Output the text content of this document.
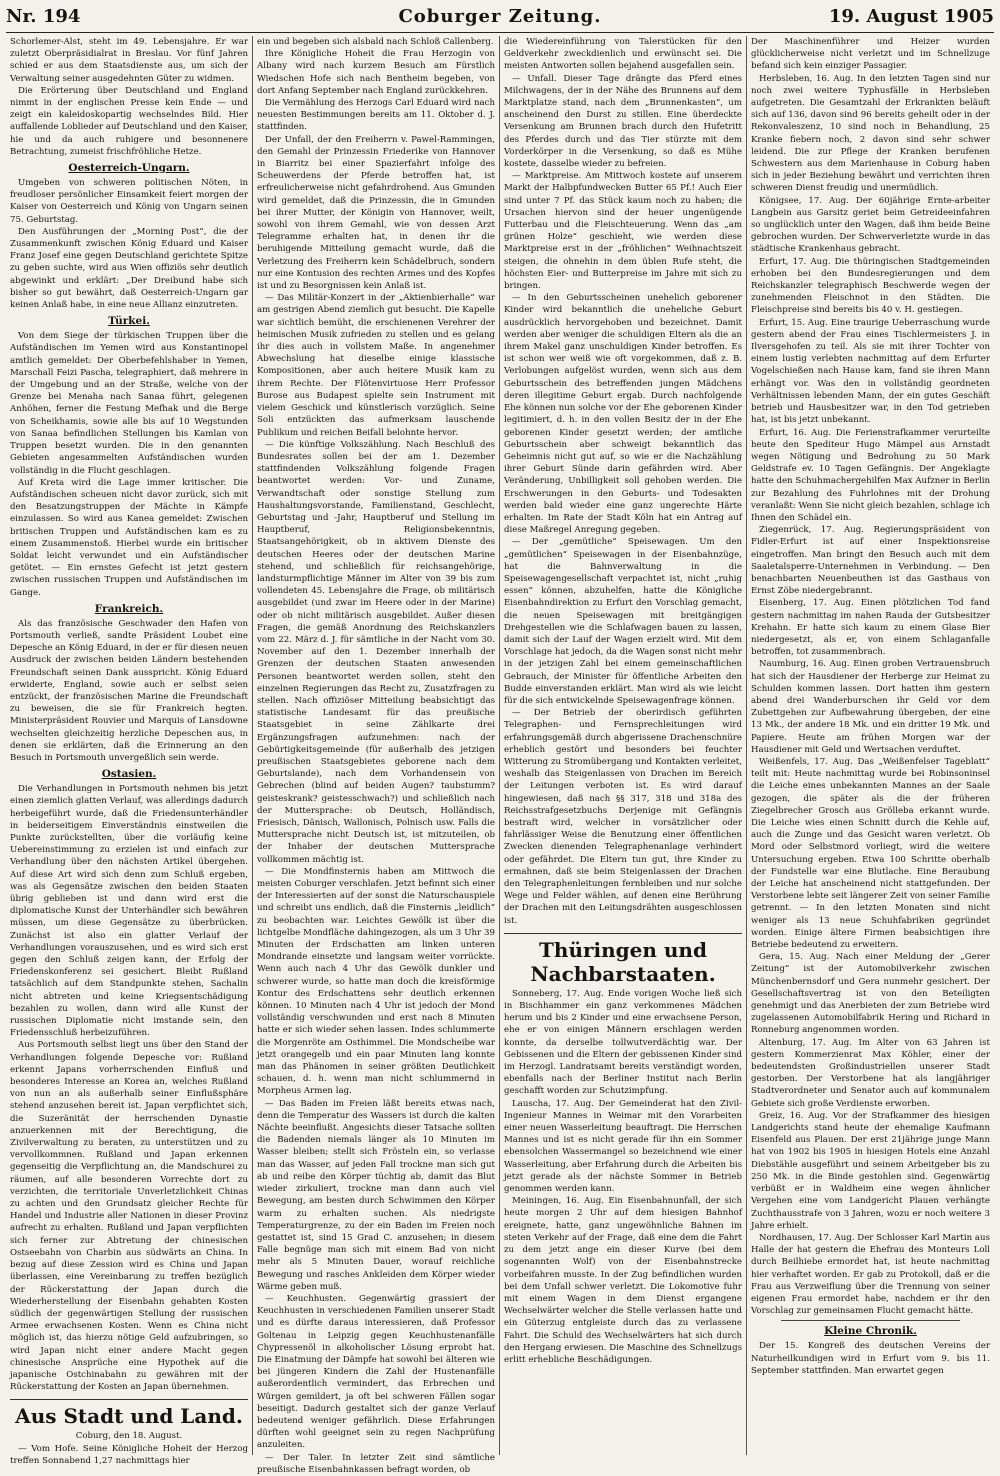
Nr. 194	Coburger Zeitung.	19. August 1905

Schorlemer-Alst, steht im 49. Lebensjahre. Er war zuletzt Oberpräsidialrat in Breslau. Vor fünf Jahren schied er aus dem Staatsdienste aus, um sich der Verwaltung seiner ausgedehnten Güter zu widmen.

Die Erörterung über Deutschland und England nimmt in der englischen Presse kein Ende — und zeigt ein kaleidoskopartig wechselndes Bild. Hier auffallende Loblieder auf Deutschland und den Kaiser, hie und da auch ruhigere und besonnenere Betrachtung, zumeist frischfröhliche Hetze.

Oesterreich-Ungarn.

Umgeben von schweren politischen Nöten, in freudloser persönlicher Einsamkeit feiert morgen der Kaiser von Oesterreich und König von Ungarn seinen 75. Geburtstag.

Den Ausführungen der „Morning Post“, die der Zusammenkunft zwischen König Eduard und Kaiser Franz Josef eine gegen Deutschland gerichtete Spitze zu geben suchte, wird aus Wien offiziös sehr deutlich abgewinkt und erklärt: „Der Dreibund habe sich bisher so gut bewährt, daß Oesterreich-Ungarn gar keinen Anlaß habe, in eine neue Allianz einzutreten.

Türkei.

Von dem Siege der türkischen Truppen über die Aufständischen im Yemen wird aus Konstantinopel amtlich gemeldet: Der Oberbefehlshaber in Yemen, Marschall Feizi Pascha, telegraphiert, daß mehrere in der Umgebung und an der Straße, welche von der Grenze bei Menaha nach Sanaa führt, gelegenen Anhöhen, ferner die Festung Mefhak und die Berge von Scheikhamis, sowie alle bis auf 10 Wegstunden von Sanaa befindlichen Stellungen bis Kamlan von Truppen besetzt wurden. Die in den genannten Gebieten angesammelten Aufständischen wurden vollständig in die Flucht geschlagen.

Auf Kreta wird die Lage immer kritischer. Die Aufständischen scheuen nicht davor zurück, sich mit den Besatzungstruppen der Mächte in Kämpfe einzulassen. So wird aus Kanea gemeldet: Zwischen britischen Truppen und Aufständischen kam es zu einem Zusammenstoß. Hierbei wurde ein britischer Soldat leicht verwundet und ein Aufständischer getötet. — Ein ernstes Gefecht ist jetzt gestern zwischen russischen Truppen und Aufständischen im Gange.

Frankreich.

Als das französische Geschwader den Hafen von Portsmouth verließ, sandte Präsident Loubet eine Depesche an König Eduard, in der er für diesen neuen Ausdruck der zwischen beiden Ländern bestehenden Freundschaft seinen Dank ausspricht. König Eduard erwiderte, England, sowie auch er selbst seien entzückt, der französischen Marine die Freundschaft zu beweisen, die sie für Frankreich hegten. Ministerpräsident Rouvier und Marquis of Lansdowne wechselten gleichzeitig herzliche Depeschen aus, in denen sie erklärten, daß die Erinnerung an den Besuch in Portsmouth unvergeßlich sein werde.

Ostasien.

Die Verhandlungen in Portsmouth nehmen bis jetzt einen ziemlich glatten Verlauf, was allerdings dadurch herbeigeführt wurde, daß die Friedensunterhändler in beiderseitigem Einverständnis einstweilen die Punkte zurückstellten, über die vorläufig keine Uebereinstimmung zu erzielen ist und einfach zur Verhandlung über den nächsten Artikel übergehen. Auf diese Art wird sich denn zum Schluß ergeben, was als Gegensätze zwischen den beiden Staaten übrig geblieben ist und dann wird erst die diplomatische Kunst der Unterhändler sich bewähren müssen, um diese Gegensätze zu überbrücken. Zunächst ist also ein glatter Verlauf der Verhandlungen vorauszusehen, und es wird sich erst gegen den Schluß zeigen kann, der Erfolg der Friedenskonferenz sei gesichert. Bleibt Rußland tatsächlich auf dem Standpunkte stehen, Sachalin nicht abtreten und keine Kriegsentschädigung bezahlen zu wollen, dann wird alle Kunst der russischen Diplomatie nicht imstande sein, den Friedensschluß herbeizuführen.

Aus Portsmouth selbst liegt uns über den Stand der Verhandlungen folgende Depesche vor: Rußland erkennt Japans vorherrschenden Einfluß und besonderes Interesse an Korea an, welches Rußland von nun an als außerhalb seiner Einflußsphäre stehend anzusehen bereit ist. Japan verpflichtet sich, die Suzeränität der herrschenden Dynastie anzuerkennen mit der Berechtigung, die Zivilverwaltung zu beraten, zu unterstützen und zu vervollkommnen. Rußland und Japan erkennen gegenseitig die Verpflichtung an, die Mandschurei zu räumen, auf alle besonderen Vorrechte dort zu verzichten, die territoriale Unverletzlichkeit Chinas zu achten und den Grundsatz gleicher Rechte für Handel und Industrie aller Nationen in dieser Provinz aufrecht zu erhalten. Rußland und Japan verpflichten sich ferner zur Abtretung der chinesischen Ostseebahn von Charbin aus südwärts an China. In bezug auf diese Zession wird es China und Japan überlassen, eine Vereinbarung zu treffen bezüglich der Rückerstattung der Japan durch die Wiederherstellung der Eisenbahn gehabten Kosten südlich der gegenwärtigen Stellung der russischen Armee erwachsenen Kosten. Wenn es China nicht möglich ist, das hierzu nötige Geld aufzubringen, so wird Japan nicht einer andere Macht gegen chinesische Ansprüche eine Hypothek auf die japanische Ostchinabahn zu gewähren mit der Rückerstattung der Kosten an Japan übernehmen.

Aus Stadt und Land.
Coburg, den 18. August.

— Vom Hofe. Seine Königliche Hoheit der Herzog treffen Sonnabend 1,27 nachmittags hier

ein und begeben sich alsbald nach Schloß Callenberg.

Ihre Königliche Hoheit die Frau Herzogin von Albany wird nach kurzem Besuch am Fürstlich Wiedschen Hofe sich nach Bentheim begeben, von dort Anfang September nach England zurückkehren.

Die Vermählung des Herzogs Carl Eduard wird nach neuesten Bestimmungen bereits am 11. Oktober d. J. stattfinden.

Der Unfall, der den Freiherrn v. Pawel-Rammingen, den Gemahl der Prinzessin Friederike von Hannover in Biarritz bei einer Spazierfahrt infolge des Scheuwerdens der Pferde betroffen hat, ist erfreulicherweise nicht gefahrdrohend. Aus Gmunden wird gemeldet, daß die Prinzessin, die in Gmunden bei ihrer Mutter, der Königin von Hannover, weilt, sowohl von ihrem Gemahl, wie von dessen Arzt Telegramme erhalten hat, in denen ihr die beruhigende Mitteilung gemacht wurde, daß die Verletzung des Freiherrn kein Schädelbruch, sondern nur eine Kontusion des rechten Armes und des Kopfes ist und zu Besorgnissen kein Anlaß ist.

— Das Militär-Konzert in der „Aktienbierhalle“ war am gestrigen Abend ziemlich gut besucht. Die Kapelle war sichtlich bemüht, die erschienenen Verehrer der heimischen Musik zufrieden zu stellen und es gelang ihr dies auch in vollstem Maße. In angenehmer Abwechslung hat dieselbe einige klassische Kompositionen, aber auch heitere Musik kam zu ihrem Rechte. Der Flötenvirtuose Herr Professor Burose aus Budapest spielte sein Instrument mit vielem Geschick und künstlerisch vorzüglich. Seine Soli entzückten das aufmerksam lauschende Publikum und reichen Beifall belohnte hervor.

— Die künftige Volkszählung. Nach Beschluß des Bundesrates sollen bei der am 1. Dezember stattfindenden Volkszählung folgende Fragen beantwortet werden: Vor- und Zuname, Verwandtschaft oder sonstige Stellung zum Haushaltungsvorstande, Familienstand, Geschlecht, Geburtstag und -Jahr, Hauptberuf und Stellung im Hauptberuf, Religionsbekenntnis, Staatsangehörigkeit, ob in aktivem Dienste des deutschen Heeres oder der deutschen Marine stehend, und schließlich für reichsangehörige, landsturmpflichtige Männer im Alter von 39 bis zum vollendeten 45. Lebensjahre die Frage, ob militärisch ausgebildet (und zwar im Heere oder in der Marine) oder ob nicht militärisch ausgebildet. Außer diesen Fragen, die gemäß Anordnung des Reichskanzlers vom 22. März d. J. für sämtliche in der Nacht vom 30. November auf den 1. Dezember innerhalb der Grenzen der deutschen Staaten anwesenden Personen beantwortet werden sollen, steht den einzelnen Regierungen das Recht zu, Zusatzfragen zu stellen. Nach offiziöser Mitteilung beabsichtigt das statistische Landesamt für das preußische Staatsgebiet in seine Zählkarte drei Ergänzungsfragen aufzunehmen: nach der Gebürtigkeitsgemeinde (für außerhalb des jetzigen preußischen Staatsgebietes geborene nach dem Geburtslande), nach dem Vorhandensein von Gebrechen (blind auf beiden Augen? taubstumm? geisteskrank? geistesschwach?) und schließlich nach der Muttersprache: ob Deutsch, Holländisch, Friesisch, Dänisch, Wallonisch, Polnisch usw. Falls die Muttersprache nicht Deutsch ist, ist mitzuteilen, ob der Inhaber der deutschen Muttersprache vollkommen mächtig ist.

— Die Mondfinsternis haben am Mittwoch die meisten Coburger verschlafen. Jetzt befinnt sich einer der Interessierten auf der sonst die Naturschauspiele und schreibt uns endlich, daß die Finsternis „leidlich“ zu beobachten war. Leichtes Gewölk ist über die lichtgelbe Mondfläche dahingezogen, als um 3 Uhr 39 Minuten der Erdschatten am linken unteren Mondrande einsetzte und langsam weiter vorrückte. Wenn auch nach 4 Uhr das Gewölk dunkler und schwerer wurde, so hatte man doch die kreisförmige Kontur des Erdschattens sehr deutlich erkennen können. 10 Minuten nach 4 Uhr ist jedoch der Mond vollständig verschwunden und erst nach 8 Minuten hatte er sich wieder sehen lassen. Indes schlummerte die Morgenröte am Osthimmel. Die Mondscheibe war jetzt orangegelb und ein paar Minuten lang konnte man das Phänomen in seiner größten Deutlichkeit schauen, d. h. wenn man nicht schlummernd in Morpheus Armen lag.

— Das Baden im Freien läßt bereits etwas nach, denn die Temperatur des Wassers ist durch die kalten Nächte beeinflußt. Angesichts dieser Tatsache sollten die Badenden niemals länger als 10 Minuten im Wasser bleiben; stellt sich Frösteln ein, so verlasse man das Wasser, auf jeden Fall trockne man sich gut ab und reibe den Körper tüchtig ab, damit das Blut wieder zirkuliert, trockne man dann auch viel Bewegung, am besten durch Schwimmen den Körper warm zu erhalten suchen. Als niedrigste Temperaturgrenze, zu der ein Baden im Freien noch gestattet ist, sind 15 Grad C. anzusehen; in diesem Falle begnüge man sich mit einem Bad von nicht mehr als 5 Minuten Dauer, worauf reichliche Bewegung und rasches Ankleiden dem Körper wieder Wärme geben muß.

— Keuchhusten. Gegenwärtig grassiert der Keuchhusten in verschiedenen Familien unserer Stadt und es dürfte daraus interessieren, daß Professor Goltenau in Leipzig gegen Keuchhustenanfälle Chypressenöl in alkoholischer Lösung erprobt hat. Die Einatmung der Dämpfe hat sowohl bei älteren wie bei jüngeren Kindern die Zahl der Hustenanfälle außerordentlich vermindert, das Erbrechen und Würgen gemildert, ja oft bei schweren Fällen sogar beseitigt. Dadurch gestaltet sich der ganze Verlauf bedeutend weniger gefährlich. Diese Erfahrungen dürften wohl geeignet sein zu regen Nachprüfung anzuleiten.

— Der Taler. In letzter Zeit sind sämtliche preußische Eisenbahnkassen befragt worden, ob

die Wiedereinführung von Talerstücken für den Geldverkehr zweckdienlich und erwünscht sei. Die meisten Antworten sollen bejahend ausgefallen sein.

— Unfall. Dieser Tage drängte das Pferd eines Milchwagens, der in der Nähe des Brunnens auf dem Marktplatze stand, nach dem „Brunnenkasten“, um anscheinend den Durst zu stillen. Eine überdeckte Versenkung am Brunnen brach durch den Hufetritt des Pferdes durch und das Tier stürzte mit dem Vorderkörper in die Versenkung, so daß es Mühe kostete, dasselbe wieder zu befreien.

— Marktpreise. Am Mittwoch kostete auf unserem Markt der Halbpfundwecken Butter 65 Pf.! Auch Eier sind unter 7 Pf. das Stück kaum noch zu haben; die Ursachen hiervon sind der heuer ungenügende Futterbau und die Fleischteuerung. Wenn das „am grünen Holze“ geschieht, wie werden diese Marktpreise erst in der „fröhlichen“ Weihnachtszeit steigen, die ohnehin in dem üblen Rufe steht, die höchsten Eier- und Butterpreise im Jahre mit sich zu bringen.

— In den Geburtsscheinen unehelich geborener Kinder wird bekanntlich die uneheliche Geburt ausdrücklich hervorgehoben und bezeichnet. Damit werden aber weniger die schuldigen Eltern als die an ihrem Makel ganz unschuldigen Kinder betroffen. Es ist schon wer weiß wie oft vorgekommen, daß z. B. Verlobungen aufgelöst wurden, wenn sich aus dem Geburtsschein des betreffenden jungen Mädchens deren illegitime Geburt ergab. Durch nachfolgende Ehe können nun solche vor der Ehe geborenen Kinder legitimiert, d. h. in den vollen Besitz der in der Ehe geborenen Kinder gesetzt werden; der amtliche Geburtsschein aber schweigt bekanntlich das Geheimnis nicht gut auf, so wie er die Nachzählung ihrer Geburt Sünde darin gefährden wird. Aber Veränderung, Unbilligkeit soll gehoben werden. Die Erschwerungen in den Geburts- und Todesakten werden bald wieder eine ganz ungerechte Härte erhalten. Im Rate der Stadt Köln hat ein Antrag auf diese Maßregel Anregung gegeben.

— Der „gemütliche“ Speisewagen. Um den „gemütlichen“ Speisewagen in der Eisenbahnzüge, hat die Bahnverwaltung in die Speisewagengesellschaft verpachtet ist, nicht „ruhig essen“ können, abzuhelfen, hatte die Königliche Eisenbahndirektion zu Erfurt den Vorschlag gemacht, die neuen Speisewagen mit breitgängigen Drehgestellen wie die Schlafwagen bauen zu lassen, damit sich der Lauf der Wagen erzielt wird. Mit dem Vorschlage hat jedoch, da die Wagen sonst nicht mehr in der jetzigen Zahl bei einem gemeinschaftlichen Gebrauch, der Minister für öffentliche Arbeiten den Budde einverstanden erklärt. Man wird als wie leicht für die sich entwickelnde Speisewagenfrage können.

— Der Betrieb der oberirdisch geführten Telegraphen- und Fernsprechleitungen wird erfahrungsgemäß durch abgerissene Drachenschnüre erheblich gestört und besonders bei feuchter Witterung zu Stromübergang und Kontakten verleitet, weshalb das Steigenlassen von Drachen im Bereich der Leitungen verboten ist. Es wird darauf hingewiesen, daß nach §§ 317, 318 und 318a des Reichsstrafgesetzbuchs Derjenige mit Gefängnis bestraft wird, welcher in vorsätzlicher oder fahrlässiger Weise die Benutzung einer öffentlichen Zwecken dienenden Telegraphenanlage verhindert oder gefährdet. Die Eltern tun gut, ihre Kinder zu ermahnen, daß sie beim Steigenlassen der Drachen den Telegraphenleitungen fernbleiben und nur solche Wege und Felder wählen, auf denen eine Berührung der Drachen mit den Leitungsdrähten ausgeschlossen ist.

Thüringen und Nachbarstaaten.

Sonneberg, 17. Aug. Ende vorigen Woche ließ sich in Bischhammer ein ganz verkommenes Mädchen herum und bis 2 Kinder und eine erwachsene Person, ehe er von einigen Männern erschlagen werden konnte, da derselbe tollwutverdächtig war. Der Gebissenen und die Eltern der gebissenen Kinder sind im Herzogl. Landratsamt bereits verständigt worden, ebenfalls nach der Berliner Institut nach Berlin geschafft worden zur Schutzimpfung.

Lauscha, 17. Aug. Der Gemeinderat hat den Zivil-Ingenieur Mannes in Weimar mit den Vorarbeiten einer neuen Wasserleitung beauftragt. Die Herrschen Mannes und ist es nicht gerade für ihn ein Sommer ebensolchen Wassermangel so bezeichnend wie einer Wasserleitung, aber Erfahrung durch die Arbeiten bis jetzt gerade als der nächste Sommer in Betrieb genommen werden kann.

Meiningen, 16. Aug. Ein Eisenbahnunfall, der sich heute morgen 2 Uhr auf dem hiesigen Bahnhof ereignete, hatte, ganz ungewöhnliche Bahnen im steten Verkehr auf der Frage, daß eine dem die Fahrt zu dem jetzt ange ein dieser Kurve (bei dem sogenannten Wolf) von der Eisenbahnstrecke vorbeifahren musste. In der Zug befindlichen wurden bei dem Unfall schwer verletzt. Die Lokomotive fuhr mit einem Wagen in dem Dienst ergangene Wechselwärter welcher die Stelle verlassen hatte und ein Güterzug entgleiste durch das zu verlassene Fahrt. Die Schuld des Wechselwärters hat sich durch den Hergang erwiesen. Die Maschine des Schnellzugs erlitt erhebliche Beschädigungen.

Der Maschinenführer und Heizer wurden glücklicherweise nicht verletzt und im Schnellzuge befand sich kein einziger Passagier.

Herbsleben, 16. Aug. In den letzten Tagen sind nur noch zwei weitere Typhusfälle in Herbsleben aufgetreten. Die Gesamtzahl der Erkrankten beläuft sich auf 136, davon sind 96 bereits geheilt oder in der Rekonvaleszenz, 10 sind noch in Behandlung, 25 Kranke fiebern noch, 2 davon sind sehr schwer leidend. Die zur Pflege der Kranken berufenen Schwestern aus dem Marienhause in Coburg haben sich in jeder Beziehung bewährt und verrichten ihren schweren Dienst freudig und unermüdlich.

Königsee, 17. Aug. Der 60jährige Ernte-arbeiter Langbein aus Garsitz geriet beim Getreideeinfahren so unglücklich unter den Wagen, daß ihm beide Beine gebrochen wurden. Der Schwerverletzte wurde in das städtische Krankenhaus gebracht.

Erfurt, 17. Aug. Die thüringischen Stadtgemeinden erhoben bei den Bundesregierungen und dem Reichskanzler telegraphisch Beschwerde wegen der zunehmenden Fleischnot in den Städten. Die Fleischpreise sind bereits bis 40 v. H. gestiegen.

Erfurt, 15. Aug. Eine traurige Ueberraschung wurde gestern abend der Frau eines Tischlermeisters J. in Ilversgehofen zu teil. Als sie mit ihrer Tochter von einem lustig verlebten nachmittag auf dem Erfurter Vogelschießen nach Hause kam, fand sie ihren Mann erhängt vor. Was den in vollständig geordneten Verhältnissen lebenden Mann, der ein gutes Geschäft betrieb und Hausbesitzer war, in den Tod getrieben hat, ist bis jetzt unbekannt.

Erfurt, 16. Aug. Die Ferienstrafkammer verurteilte heute den Spediteur Hugo Mämpel aus Arnstadt wegen Nötigung und Bedrohung zu 50 Mark Geldstrafe ev. 10 Tagen Gefängnis. Der Angeklagte hatte den Schuhmachergehilfen Max Aufzner in Berlin zur Bezahlung des Fuhrlohnes mit der Drohung veranlaßt: Wenn Sie nicht gleich bezahlen, schlage ich Ihnen den Schädel ein.

Ziegenrück, 17. Aug. Regierungspräsident von Fidler-Erfurt ist auf einer Inspektionsreise eingetroffen. Man bringt den Besuch auch mit dem Saaletalsperre-Unternehmen in Verbindung. — Den benachbarten Neuenbeuthen ist das Gasthaus von Ernst Zöbe niedergebrannt.

Eisenberg, 17. Aug. Einen plötzlichen Tod fand gestern nachmittag im nahen Rauda der Gutsbesitzer Krehahn. Er hatte sich kaum zu einem Glase Bier niedergesetzt, als er, von einem Schlaganfalle betroffen, tot zusammenbrach.

Naumburg, 16. Aug. Einen groben Vertrauensbruch hat sich der Hausdiener der Herberge zur Heimat zu Schulden kommen lassen. Dort hatten ihm gestern abend drei Wanderburschen ihr Geld vor dem Zubettgehen zur Aufbewahrung übergeben, der eine 13 Mk., der andere 18 Mk. und ein dritter 19 Mk. und Papiere. Heute am frühen Morgen war der Hausdiener mit Geld und Wertsachen verduftet.

Weißenfels, 17. Aug. Das „Weißenfelser Tageblatt“ teilt mit: Heute nachmittag wurde bei Robinsoninsel die Leiche eines unbekannten Mannes an der Saale gezogen, die später als die der früheren Ziegelbrecher Grosch aus Grölleba erkannt wurde. Die Leiche wies einen Schnitt durch die Kehle auf, auch die Zunge und das Gesicht waren verletzt. Ob Mord oder Selbstmord vorliegt, wird die weitere Untersuchung ergeben. Etwa 100 Schritte oberhalb der Fundstelle war eine Blutlache. Eine Beraubung der Leiche hat anscheinend nicht stattgefunden. Der Verstorbene lebte seit längerer Zeit von seiner Familie getrennt. — In den letzten Monaten sind nicht weniger als 13 neue Schuhfabriken gegründet worden. Einige ältere Firmen beabsichtigen ihre Betriebe bedeutend zu erweitern.

Gera, 15. Aug. Nach einer Meldung der „Gerer Zeitung“ ist der Automobilverkehr zwischen Münchenbernsdorf und Gera nunmehr gesichert. Der Gesellschaftsvertrag ist von den Beteiligten genehmigt und das Anerbieten der zum Betriebe wird zugelassenen Automobilfabrik Hering und Richard in Ronneburg angenommen worden.

Altenburg, 17. Aug. Im Alter von 63 Jahren ist gestern Kommerzienrat Max Köhler, einer der bedeutendsten Großindustriellen unserer Stadt gestorben. Der Verstorbene hat als langjähriger Stadtverordneter und Senator auch auf kommunalem Gebiete sich große Verdienste erworben.

Greiz, 16. Aug. Vor der Strafkammer des hiesigen Landgerichts stand heute der ehemalige Kaufmann Eisenfeld aus Plauen. Der erst 21jährige junge Mann hat von 1902 bis 1905 in hiesigen Hotels eine Anzahl Diebstähle ausgeführt und seinem Arbeitgeber bis zu 250 Mk. in die Binde gestohlen sind. Gegenwärtig verbüßt er in Waldheim eine wegen ähnlicher Vergehen eine vom Landgericht Plauen verhängte Zuchthausstrafe von 3 Jahren, wozu er noch weitere 3 Jahre erhielt.

Nordhausen, 17. Aug. Der Schlosser Karl Martin aus Halle der hat gestern die Ehefrau des Monteurs Loll durch Beilhiebe ermordet hat, ist heute nachmittag hier verhaftet worden. Er gab zu Protokoll, daß er die Frau aus Verzweiflung über die Trennung von seiner eigenen Frau ermordet habe, nachdem er ihr den Vorschlag zur gemeinsamen Flucht gemacht hätte.

Kleine Chronik.

Der 15. Kongreß des deutschen Vereins der Naturheilkundigen wird in Erfurt vom 9. bis 11. September stattfinden. Man erwartet gegen
